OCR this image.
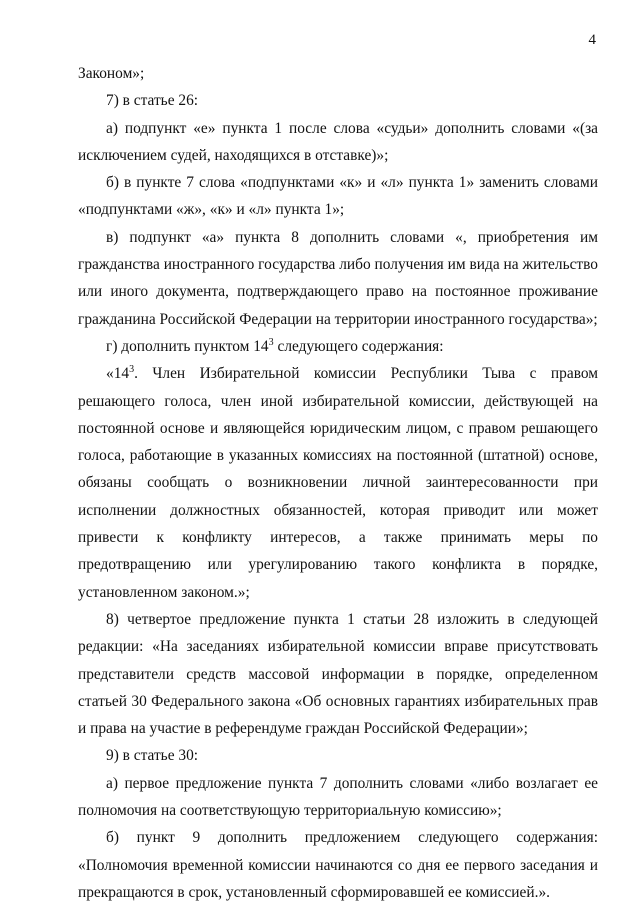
4

Законом»;

7) в статье 26:

а) подпункт «е» пункта 1 после слова «судьи» дополнить словами «(за исключением судей, находящихся в отставке)»;

б) в пункте 7 слова «подпунктами «к» и «л» пункта 1» заменить словами «подпунктами «ж», «к» и «л» пункта 1»;

в) подпункт «а» пункта 8 дополнить словами «, приобретения им гражданства иностранного государства либо получения им вида на жительство или иного документа, подтверждающего право на постоянное проживание гражданина Российской Федерации на территории иностранного государства»;

г) дополнить пунктом $14^3$ следующего содержания:

«$14^3$. Член Избирательной комиссии Республики Тыва с правом решающего голоса, член иной избирательной комиссии, действующей на постоянной основе и являющейся юридическим лицом, с правом решающего голоса, работающие в указанных комиссиях на постоянной (штатной) основе, обязаны сообщать о возникновении личной заинтересованности при исполнении должностных обязанностей, которая приводит или может привести к конфликту интересов, а также принимать меры по предотвращению или урегулированию такого конфликта в порядке, установленном законом.»;

8) четвертое предложение пункта 1 статьи 28 изложить в следующей редакции: «На заседаниях избирательной комиссии вправе присутствовать представители средств массовой информации в порядке, определенном статьей 30 Федерального закона «Об основных гарантиях избирательных прав и права на участие в референдуме граждан Российской Федерации»;

9) в статье 30:

а) первое предложение пункта 7 дополнить словами «либо возлагает ее полномочия на соответствующую территориальную комиссию»;

б) пункт 9 дополнить предложением следующего содержания: «Полномочия временной комиссии начинаются со дня ее первого заседания и прекращаются в срок, установленный сформировавшей ее комиссией.».
